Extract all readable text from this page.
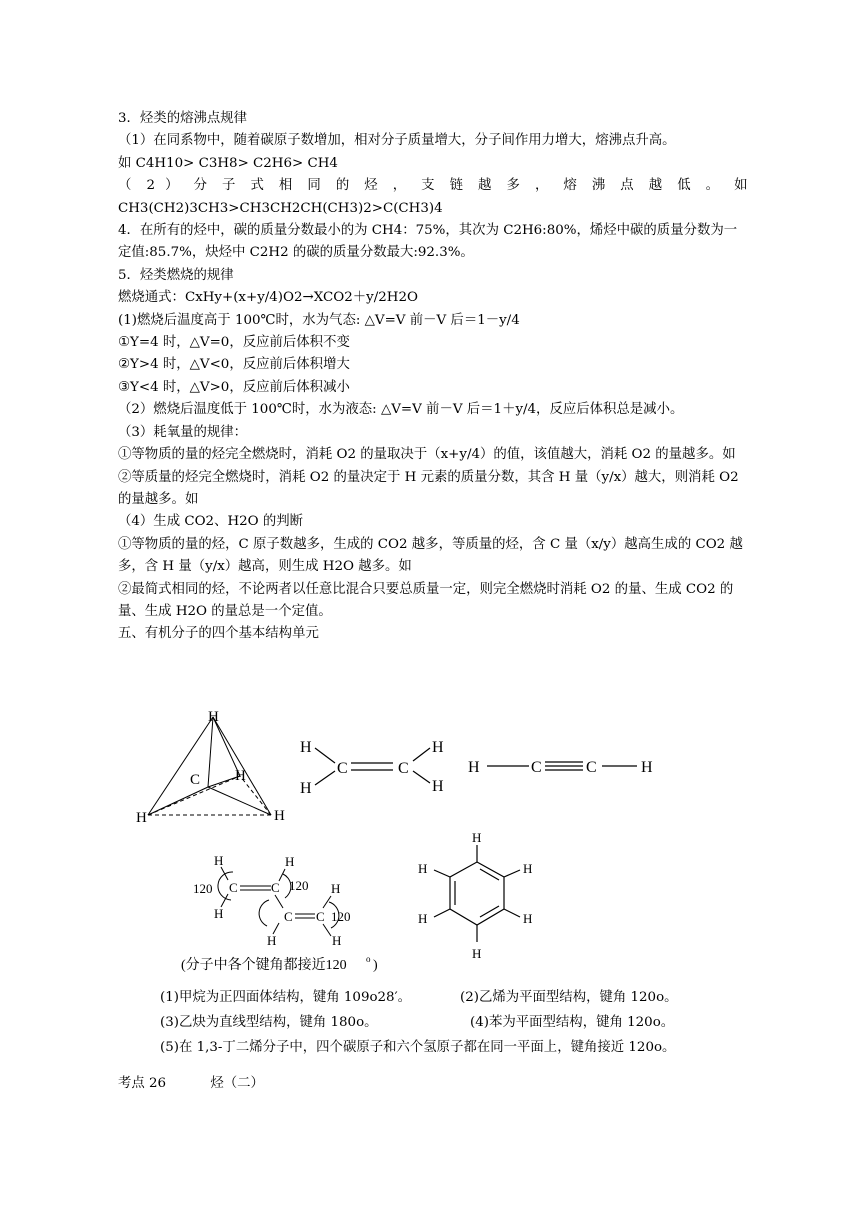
3．烃类的熔沸点规律
（1）在同系物中，随着碳原子数增加，相对分子质量增大，分子间作用力增大，熔沸点升高。
如 C4H10> C3H8> C2H6> CH4
（ 2 ） 分 子 式 相 同 的 烃 ， 支 链 越 多 ， 熔 沸 点 越 低 。 如
CH3(CH2)3CH3>CH3CH2CH(CH3)2>C(CH3)4
4．在所有的烃中，碳的质量分数最小的为 CH4：75%，其次为 C2H6:80%，烯烃中碳的质量分数为一定值:85.7%，炔烃中 C2H2 的碳的质量分数最大:92.3%。
5．烃类燃烧的规律
燃烧通式：CxHy+(x+y/4)O2→XCO2＋y/2H2O
(1)燃烧后温度高于 100℃时，水为气态: △V=V 前－V 后＝1－y/4
①Y=4 时，△V=0，反应前后体积不变
②Y>4 时，△V<0，反应前后体积增大
③Y<4 时，△V>0，反应前后体积减小
（2）燃烧后温度低于 100℃时，水为液态: △V=V 前－V 后＝1＋y/4，反应后体积总是减小。
（3）耗氧量的规律：
①等物质的量的烃完全燃烧时，消耗 O2 的量取决于（x+y/4）的值，该值越大，消耗 O2 的量越多。如
②等质量的烃完全燃烧时，消耗 O2 的量决定于 H 元素的质量分数，其含 H 量（y/x）越大，则消耗 O2 的量越多。如
（4）生成 CO2、H2O 的判断
①等物质的量的烃，C 原子数越多，生成的 CO2 越多，等质量的烃，含 C 量（x/y）越高生成的 CO2 越多，含 H 量（y/x）越高，则生成 H2O 越多。如
②最简式相同的烃，不论两者以任意比混合只要总质量一定，则完全燃烧时消耗 O2 的量、生成 CO2 的量、生成 H2O 的量总是一个定值。
五、有机分子的四个基本结构单元
H
C H
H
H
H
H
C	C
H
H
H	C	C	H
H	H
120 C	C 120
H
H
C C 120
H	H
(分子中各个键角都接近120 o )
H
H
H
H
H
H
(1)甲烷为正四面体结构，键角 109o28′。	(2)乙烯为平面型结构，键角 120o。
(3)乙炔为直线型结构，键角 180o。	(4)苯为平面型结构，键角 120o。
(5)在 1,3-丁二烯分子中，四个碳原子和六个氢原子都在同一平面上，键角接近 120o。
考点 26	烃（二）
